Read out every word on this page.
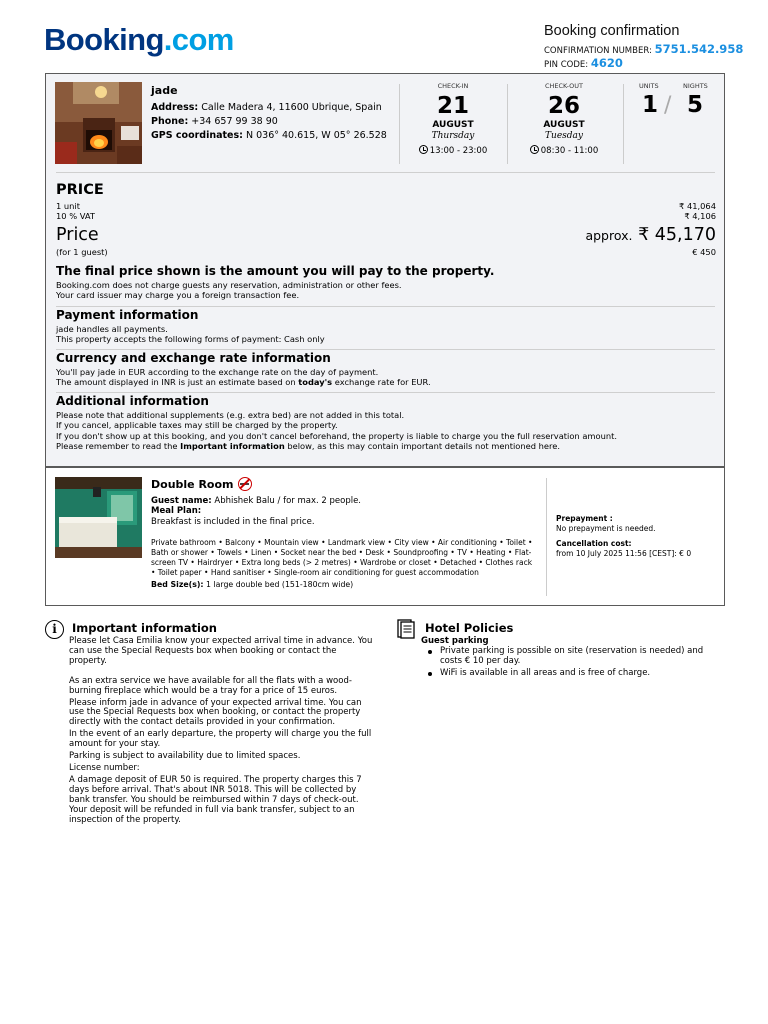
Booking.com	Booking confirmation
CONFIRMATION NUMBER: 5751.542.958
PIN CODE: 4620
jade
Address: Calle Madera 4, 11600 Ubrique, Spain
Phone: +34 657 99 38 90
GPS coordinates: N 036° 40.615, W 05° 26.528
CHECK-IN
21
AUGUST
Thursday
13:00 - 23:00
CHECK-OUT
26
AUGUST
Tuesday
08:30 - 11:00
UNITS	NIGHTS
1 / 5
PRICE
1 unit	₹ 41,064
10 % VAT	₹ 4,106
Price	approx. ₹ 45,170
(for 1 guest)	€ 450
The final price shown is the amount you will pay to the property.
Booking.com does not charge guests any reservation, administration or other fees.
Your card issuer may charge you a foreign transaction fee.
Payment information
jade handles all payments.
This property accepts the following forms of payment: Cash only
Currency and exchange rate information
You'll pay jade in EUR according to the exchange rate on the day of payment.
The amount displayed in INR is just an estimate based on today's exchange rate for EUR.
Additional information
Please note that additional supplements (e.g. extra bed) are not added in this total.
If you cancel, applicable taxes may still be charged by the property.
If you don't show up at this booking, and you don't cancel beforehand, the property is liable to charge you the full reservation amount.
Please remember to read the Important information below, as this may contain important details not mentioned here.
Double Room
Guest name: Abhishek Balu / for max. 2 people.
Meal Plan:
Breakfast is included in the final price.
Private bathroom • Balcony • Mountain view • Landmark view • City view • Air conditioning • Toilet • Bath or shower • Towels • Linen • Socket near the bed • Desk • Soundproofing • TV • Heating • Flat-screen TV • Hairdryer • Extra long beds (> 2 metres) • Wardrobe or closet • Detached • Clothes rack • Toilet paper • Hand sanitiser • Single-room air conditioning for guest accommodation
Bed Size(s): 1 large double bed (151-180cm wide)
Prepayment :
No prepayment is needed.
Cancellation cost:
from 10 July 2025 11:56 [CEST]: € 0
i	Important information

Please let Casa Emilia know your expected arrival time in advance. You can use the Special Requests box when booking or contact the property.

As an extra service we have available for all the flats with a wood-burning fireplace which would be a tray for a price of 15 euros.

Please inform jade in advance of your expected arrival time. You can use the Special Requests box when booking, or contact the property directly with the contact details provided in your confirmation.

In the event of an early departure, the property will charge you the full amount for your stay.

Parking is subject to availability due to limited spaces.

License number:

A damage deposit of EUR 50 is required. The property charges this 7 days before arrival. That's about INR 5018. This will be collected by bank transfer. You should be reimbursed within 7 days of check-out. Your deposit will be refunded in full via bank transfer, subject to an inspection of the property.

Hotel Policies
Guest parking
Private parking is possible on site (reservation is needed) and costs € 10 per day.
WiFi is available in all areas and is free of charge.
